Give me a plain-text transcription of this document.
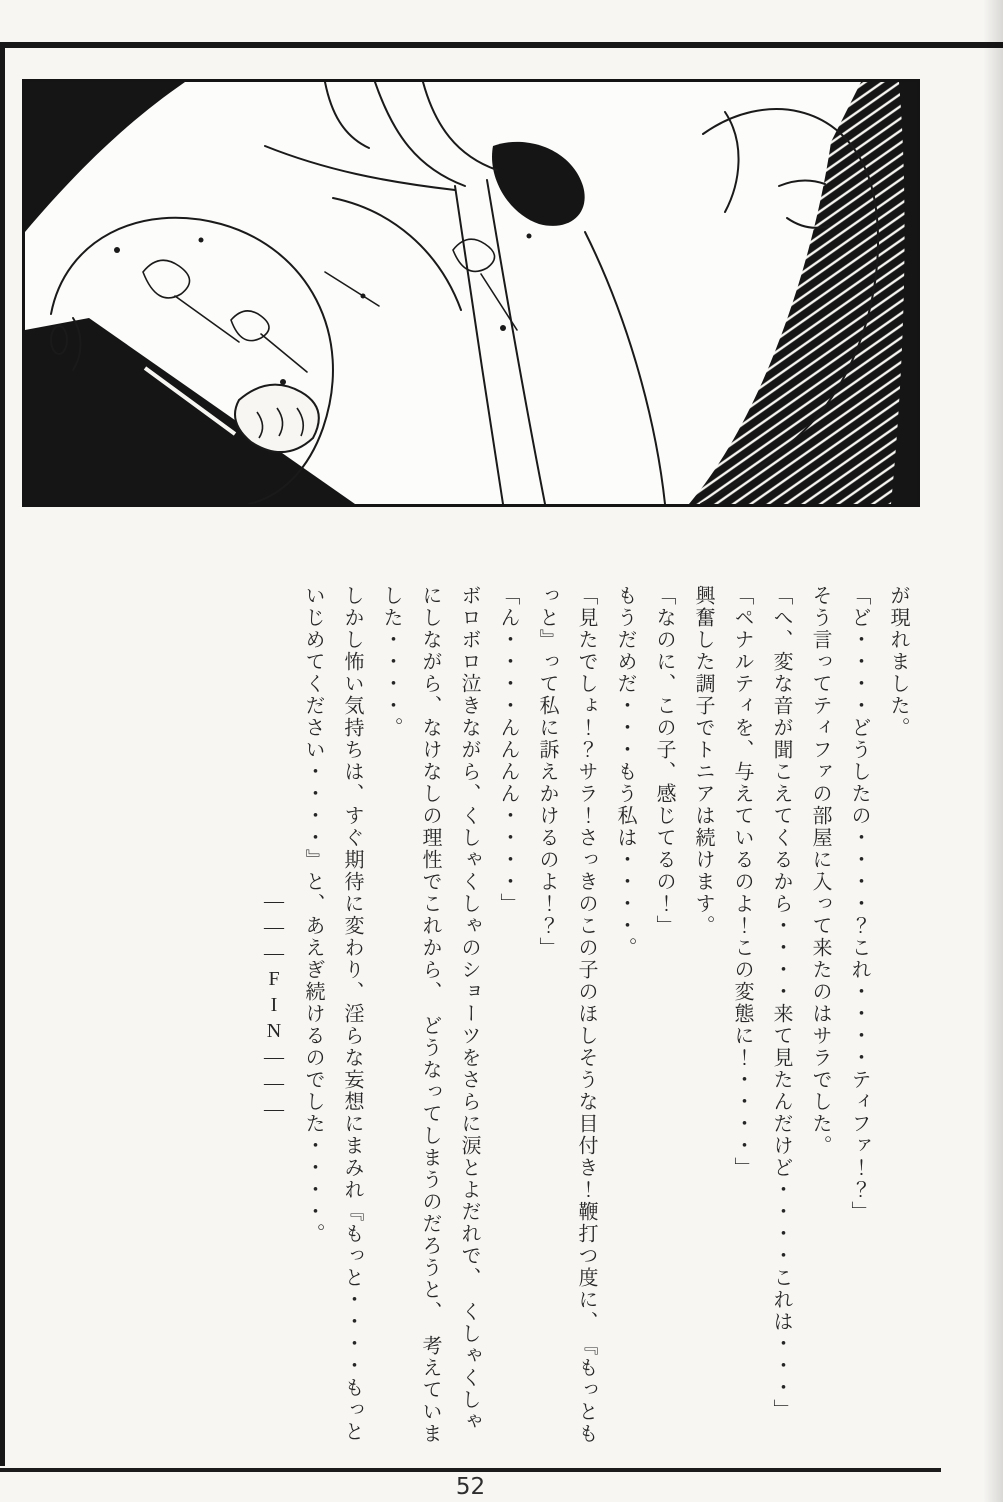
が現れました。

「ど・・・・どうしたの・・・・？これ・・・・ティファ！？」

そう言ってティファの部屋に入って来たのはサラでした。

「へ、変な音が聞こえてくるから・・・・来て見たんだけど・・・・これは・・・」

「ペナルティを、与えているのよ！この変態に！・・・・」

興奮した調子でトニアは続けます。

「なのに、この子、感じてるの！」

もうだめだ・・・もう私は・・・・。

「見たでしょ！？サラ！さっきのこの子のほしそうな目付き！鞭打つ度に、　『もっともっと』って私に訴えかけるのよ！？」

「ん・・・・んんんん・・・・」

ボロボロ泣きながら、くしゃくしゃのショーツをさらに涙とよだれで、　くしゃくしゃにしながら、なけなしの理性でこれから、　どうなってしまうのだろうと、　考えていました・・・・。

しかし怖い気持ちは、すぐ期待に変わり、淫らな妄想にまみれ『もっと・・・・もっといじめてください・・・・』と、あえぎ続けるのでした・・・・。

―――FIN―――

52
